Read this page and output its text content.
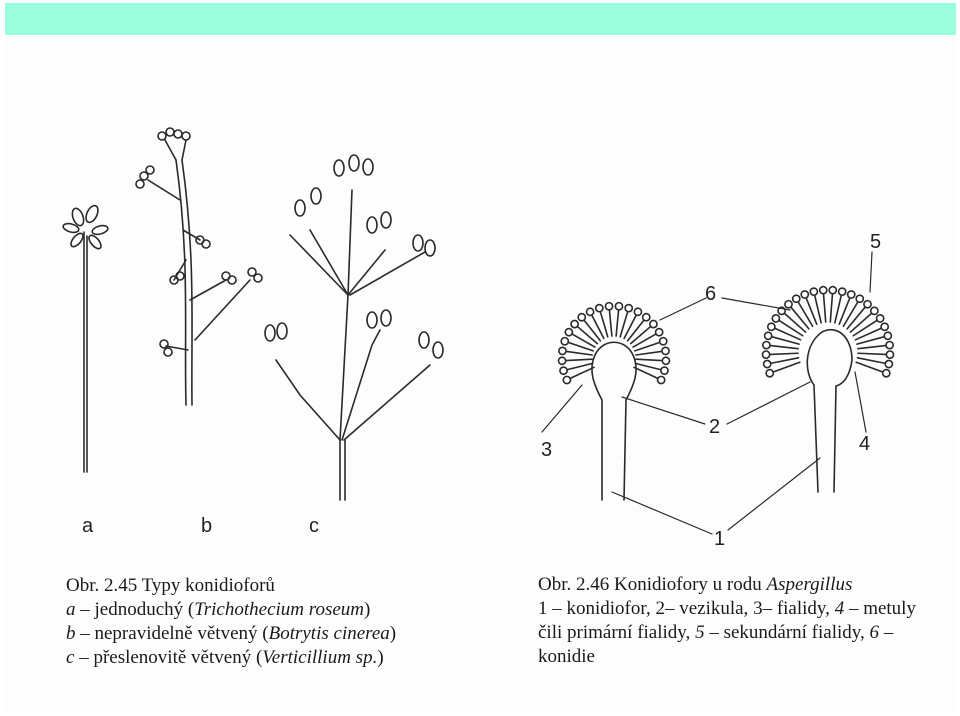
a	b	c
1
2
3	4
5
6
Obr. 2.45 Typy konidioforů
a – jednoduchý (Trichothecium roseum)
b – nepravidelně větvený (Botrytis cinerea)
c – přeslenovitě větvený (Verticillium sp.)
Obr. 2.46 Konidiofory u rodu Aspergillus
1 – konidiofor, 2– vezikula, 3– fialidy, 4 – metuly čili primární fialidy, 5 – sekundární fialidy, 6 – konidie
